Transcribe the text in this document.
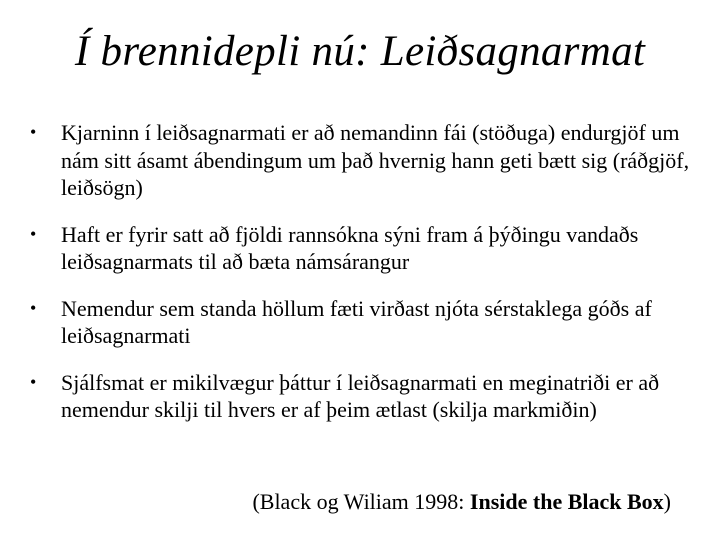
Í brennidepli nú: Leiðsagnarmat
• Kjarninn í leiðsagnarmati er að nemandinn fái (stöðuga) endurgjöf um nám sitt ásamt ábendingum um það hvernig hann geti bætt sig (ráðgjöf, leiðsögn)
• Haft er fyrir satt að fjöldi rannsókna sýni fram á þýðingu vandaðs leiðsagnarmats til að bæta námsárangur
• Nemendur sem standa höllum fæti virðast njóta sérstaklega góðs af leiðsagnarmati
• Sjálfsmat er mikilvægur þáttur í leiðsagnarmati en meginatriði er að nemendur skilji til hvers er af þeim ætlast (skilja markmiðin)
(Black og Wiliam 1998: Inside the Black Box)
